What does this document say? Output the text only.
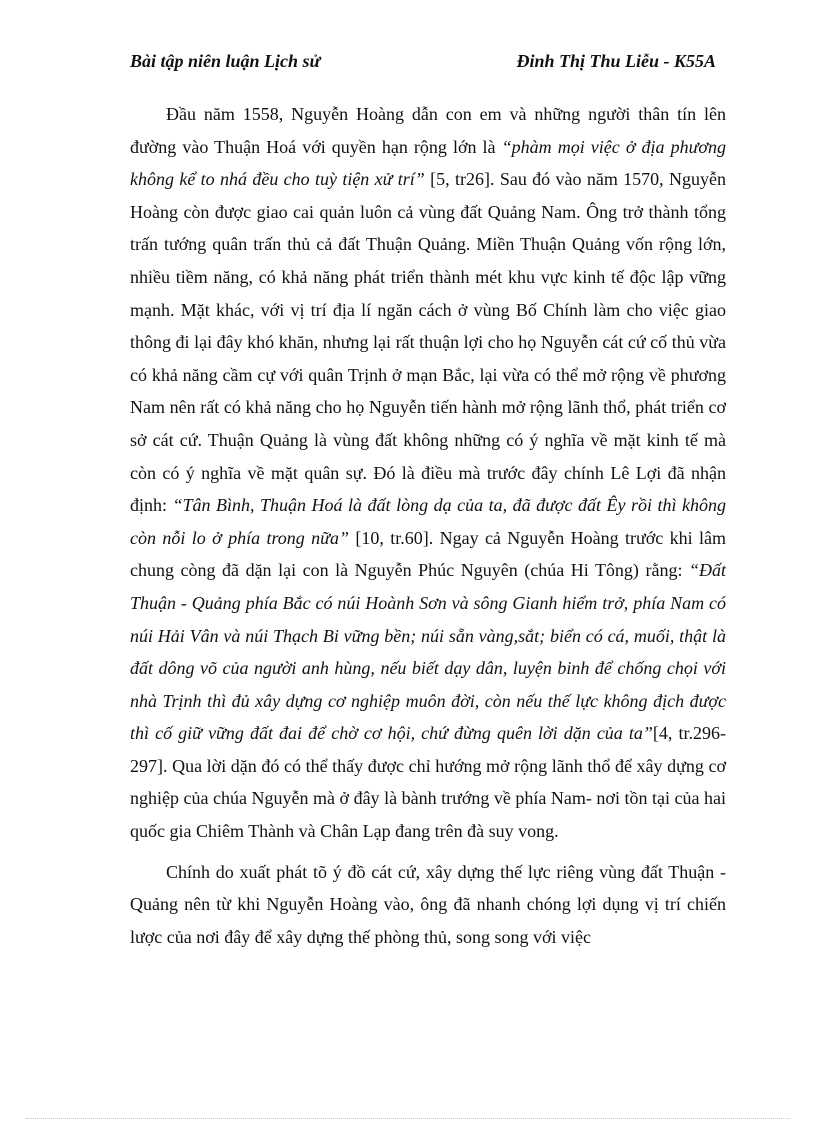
Bài tập niên luận Lịch sử	Đinh Thị Thu Liễu - K55A

Đầu năm 1558, Nguyễn Hoàng dẫn con em và những người thân tín lên đường vào Thuận Hoá với quyền hạn rộng lớn là “phàm mọi việc ở địa phương không kể to nhá đều cho tuỳ tiện xử trí” [5, tr26]. Sau đó vào năm 1570, Nguyễn Hoàng còn được giao cai quản luôn cả vùng đất Quảng Nam. Ông trở thành tổng trấn tướng quân trấn thủ cả đất Thuận Quảng. Miền Thuận Quảng vốn rộng lớn, nhiều tiềm năng, có khả năng phát triển thành mét khu vực kinh tế độc lập vững mạnh. Mặt khác, với vị trí địa lí ngăn cách ở vùng Bố Chính làm cho việc giao thông đi lại đây khó khăn, nhưng lại rất thuận lợi cho họ Nguyễn cát cứ cố thủ vừa có khả năng cầm cự với quân Trịnh ở mạn Bắc, lại vừa có thể mở rộng về phương Nam nên rất có khả năng cho họ Nguyễn tiến hành mở rộng lãnh thổ, phát triển cơ sở cát cứ. Thuận Quảng là vùng đất không những có ý nghĩa về mặt kinh tế mà còn có ý nghĩa về mặt quân sự. Đó là điều mà trước đây chính Lê Lợi đã nhận định: “Tân Bình, Thuận Hoá là đất lòng dạ của ta, đã được đất Êy rồi thì không còn nỗi lo ở phía trong nữa” [10, tr.60]. Ngay cả Nguyễn Hoàng trước khi lâm chung còng đã dặn lại con là Nguyễn Phúc Nguyên (chúa Hi Tông) rằng: “Đất Thuận - Quảng phía Bắc có núi Hoành Sơn và sông Gianh hiểm trở, phía Nam có núi Hải Vân và núi Thạch Bi vững bền; núi sẵn vàng,sắt; biển có cá, muối, thật là đất dông võ của người anh hùng, nếu biết dạy dân, luyện binh để chống chọi với nhà Trịnh thì đủ xây dựng cơ nghiệp muôn đời, còn nếu thế lực không địch được thì cố giữ vững đất đai để chờ cơ hội, chứ đừng quên lời dặn của ta”[4, tr.296-297]. Qua lời dặn đó có thể thấy được chỉ hướng mở rộng lãnh thổ để xây dựng cơ nghiệp của chúa Nguyễn mà ở đây là bành trướng về phía Nam- nơi tồn tại của hai quốc gia Chiêm Thành và Chân Lạp đang trên đà suy vong.

Chính do xuất phát tõ ý đồ cát cứ, xây dựng thế lực riêng vùng đất Thuận -Quảng nên từ khi Nguyễn Hoàng vào, ông đã nhanh chóng lợi dụng vị trí chiến lược của nơi đây để xây dựng thế phòng thủ, song song với việc
